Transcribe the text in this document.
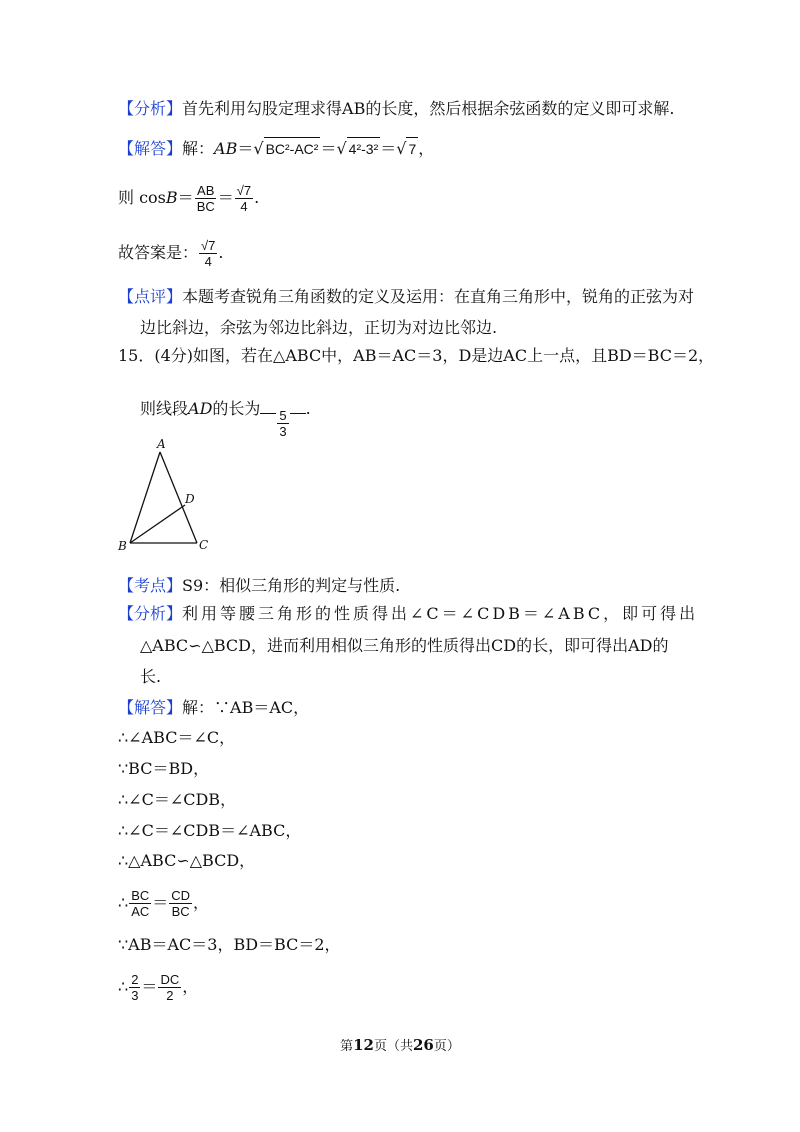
【分析】首先利用勾股定理求得AB的长度，然后根据余弦函数的定义即可求解.
【解答】解：AB＝√ BC²-AC² ＝√ 4²-3² ＝√ 7 ，
则 $\cos B= \frac{AB}{BC} = \frac{√7}{4}$ .
故答案是： $\frac{√7}{4}$ .
【点评】本题考查锐角三角函数的定义及运用：在直角三角形中，锐角的正弦为对
边比斜边，余弦为邻边比斜边，正切为对边比邻边.
15．(4分)如图，若在△ABC中，AB＝AC＝3，D是边AC上一点，且BD＝BC＝2，
则线段AD的长为 $\frac{5}{3}$ .
A
B	C
D
【考点】S9：相似三角形的判定与性质.
【分析】利用等腰三角形的性质得出∠C＝∠CDB＝∠ABC，即可得出
△ABC∽△BCD，进而利用相似三角形的性质得出CD的长，即可得出AD的
长.
【解答】解：∵AB＝AC，
∴∠ABC＝∠C，
∵BC＝BD，
∴∠C＝∠CDB，
∴∠C＝∠CDB＝∠ABC，
∴△ABC∽△BCD，
∴ $\frac{BC}{AC} = \frac{CD}{BC}$ ，
∵AB＝AC＝3，BD＝BC＝2，
∴ $\frac{2}{3} = \frac{DC}{2}$ ，
第12页（共26页）
